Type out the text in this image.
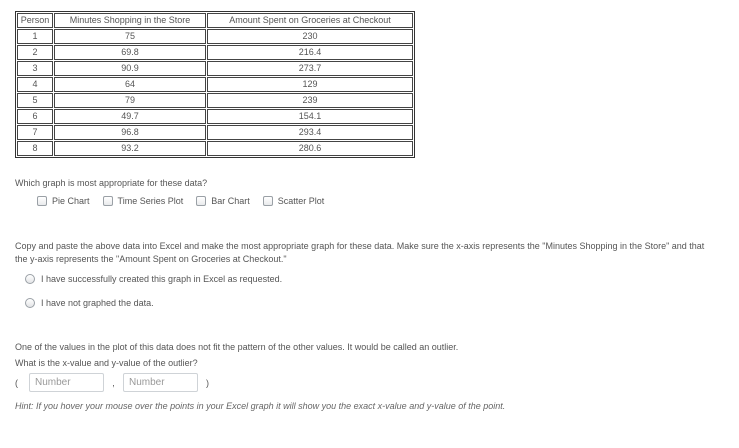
Person	Minutes Shopping in the Store	Amount Spent on Groceries at Checkout
1	75	230
2	69.8	216.4
3	90.9	273.7
4	64	129
5	79	239
6	49.7	154.1
7	96.8	293.4
8	93.2	280.6
Which graph is most appropriate for these data?
Pie Chart	Time Series Plot	Bar Chart	Scatter Plot
Copy and paste the above data into Excel and make the most appropriate graph for these data. Make sure the x-axis represents the "Minutes Shopping in the Store" and that the y-axis represents the "Amount Spent on Groceries at Checkout."
I have successfully created this graph in Excel as requested.
I have not graphed the data.
One of the values in the plot of this data does not fit the pattern of the other values. It would be called an outlier.
What is the x-value and y-value of the outlier?
(
Number	,
Number	)
Hint: If you hover your mouse over the points in your Excel graph it will show you the exact x-value and y-value of the point.
